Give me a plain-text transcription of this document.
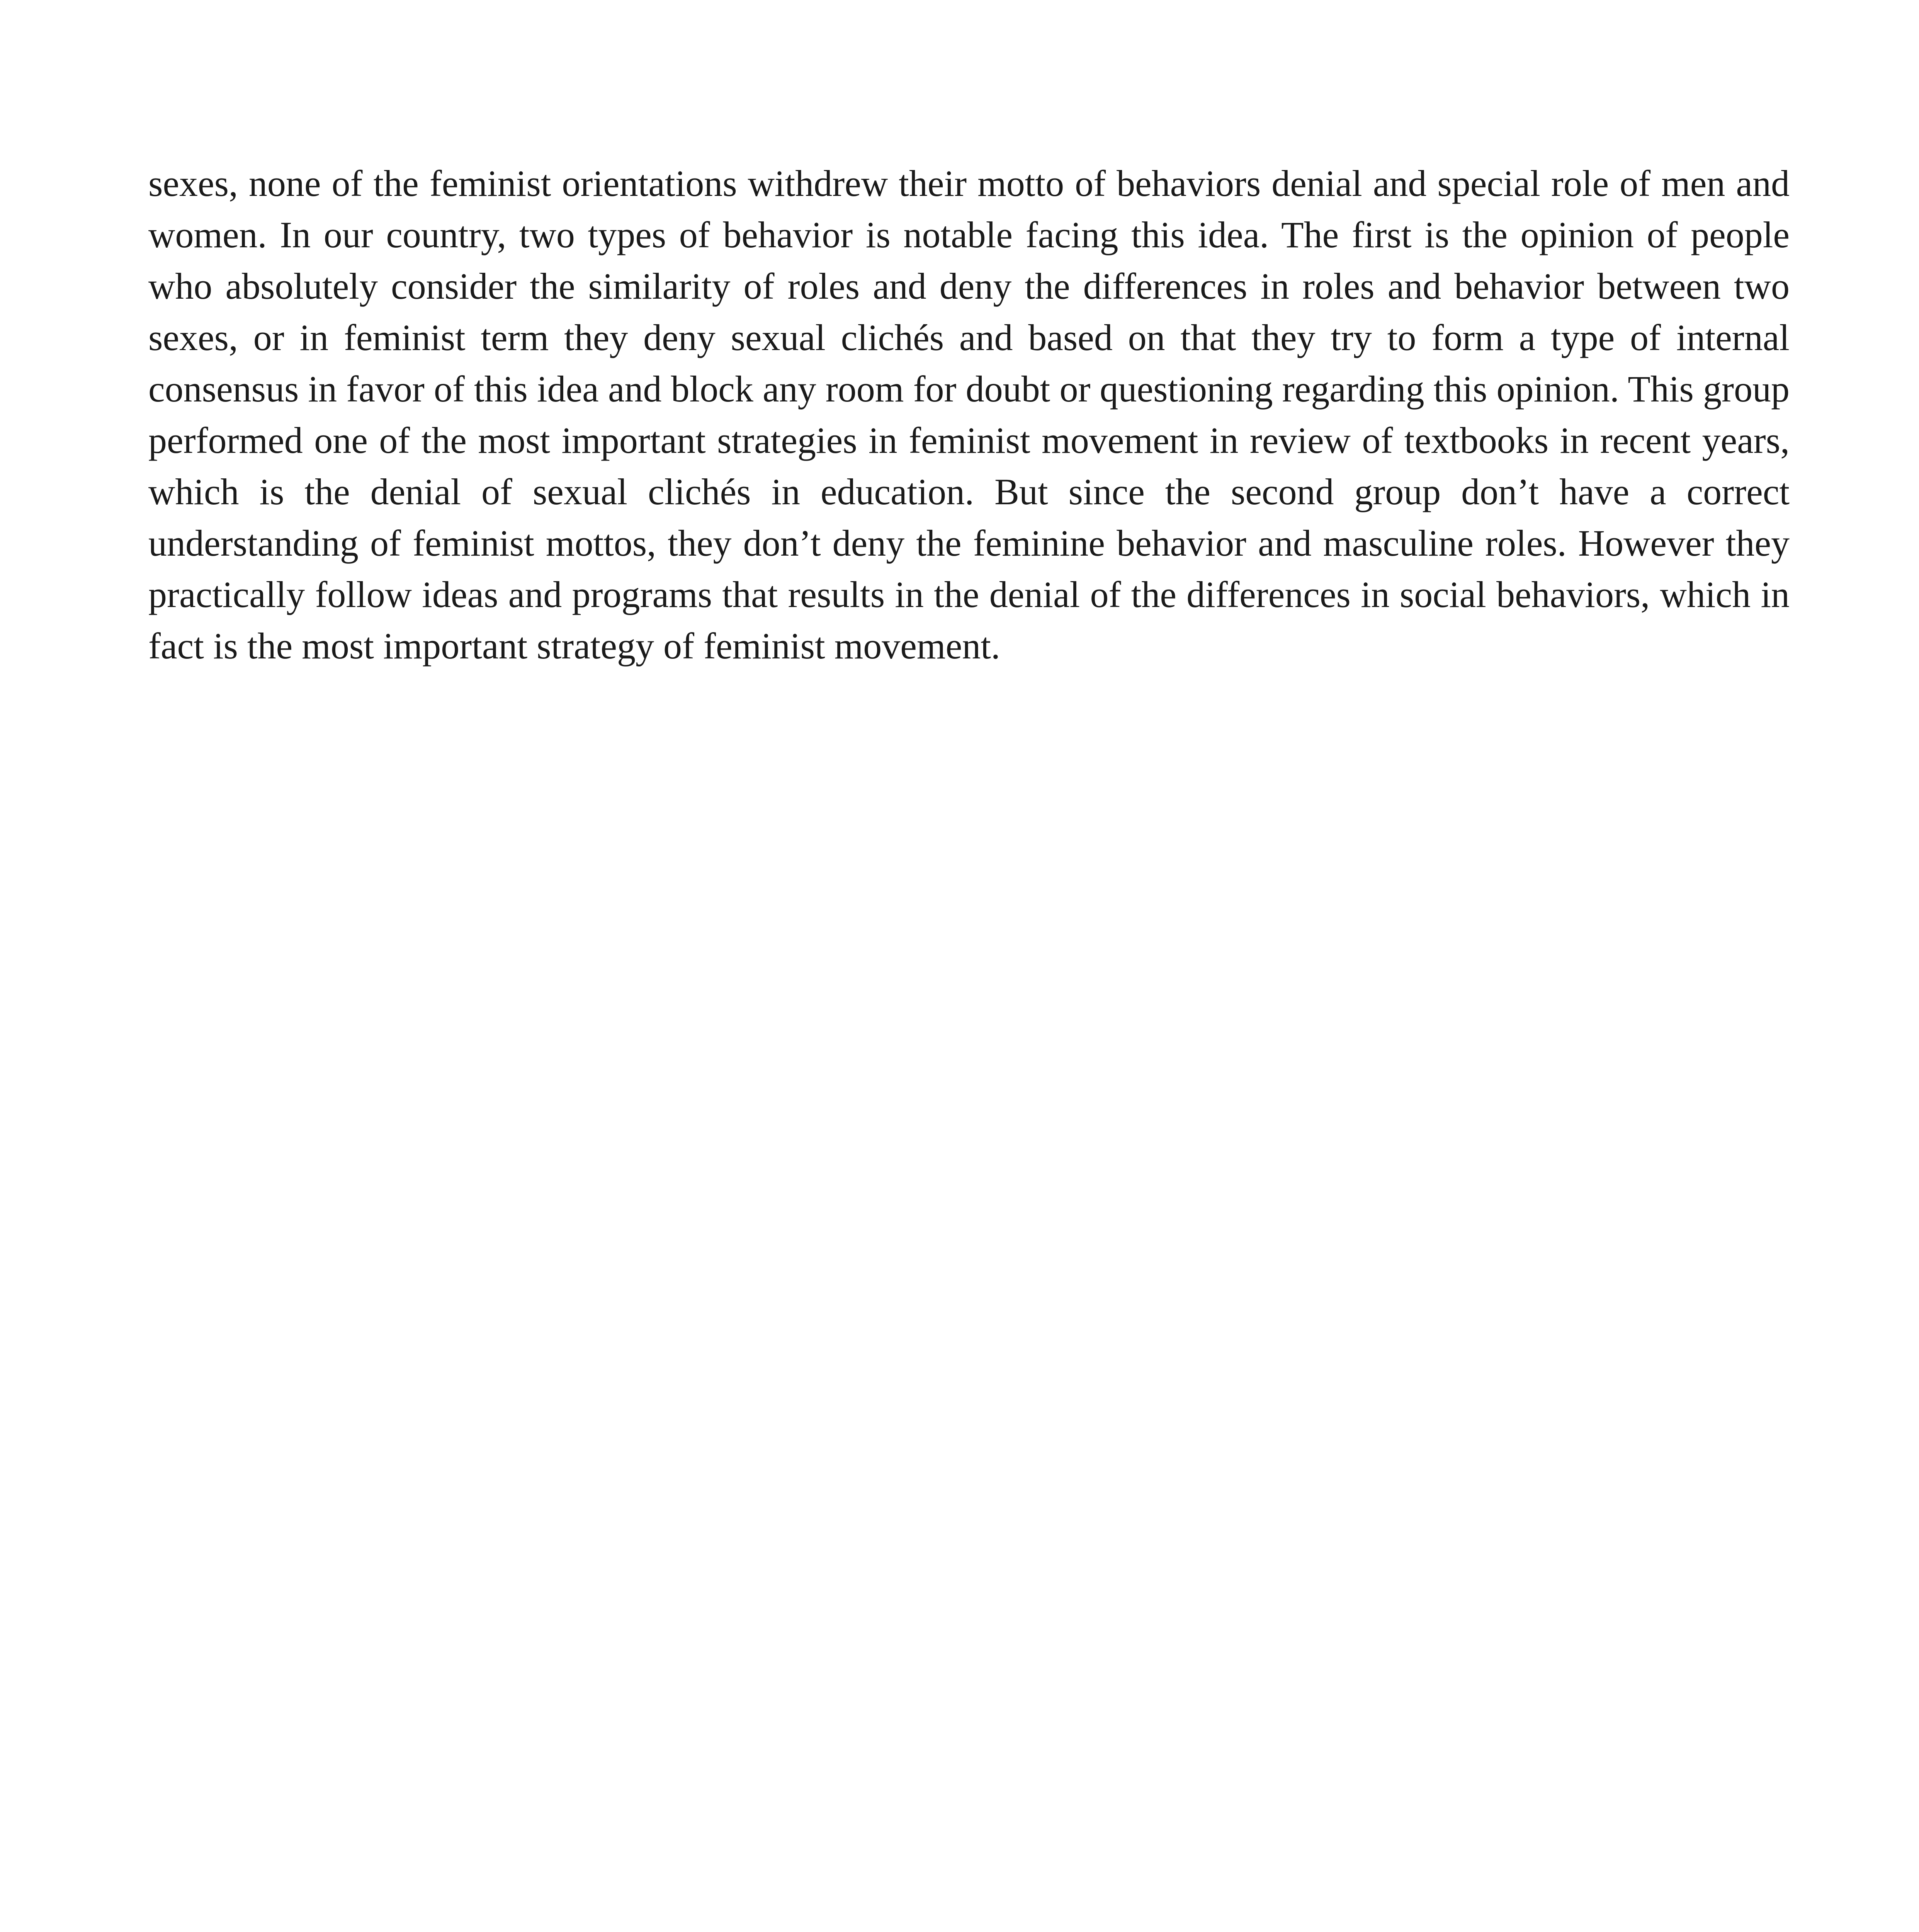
sexes, none of the feminist orientations withdrew their motto of behaviors denial and special role of men and women. In our country, two types of behavior is notable facing this idea. The first is the opinion of people who absolutely consider the similarity of roles and deny the differences in roles and behavior between two sexes, or in feminist term they deny sexual clichés and based on that they try to form a type of internal consensus in favor of this idea and block any room for doubt or questioning regarding this opinion. This group performed one of the most important strategies in feminist movement in review of textbooks in recent years, which is the denial of sexual clichés in education. But since the second group don’t have a correct understanding of feminist mottos, they don’t deny the feminine behavior and masculine roles. However they practically follow ideas and programs that results in the denial of the differences in social behaviors, which in fact is the most important strategy of feminist movement.
